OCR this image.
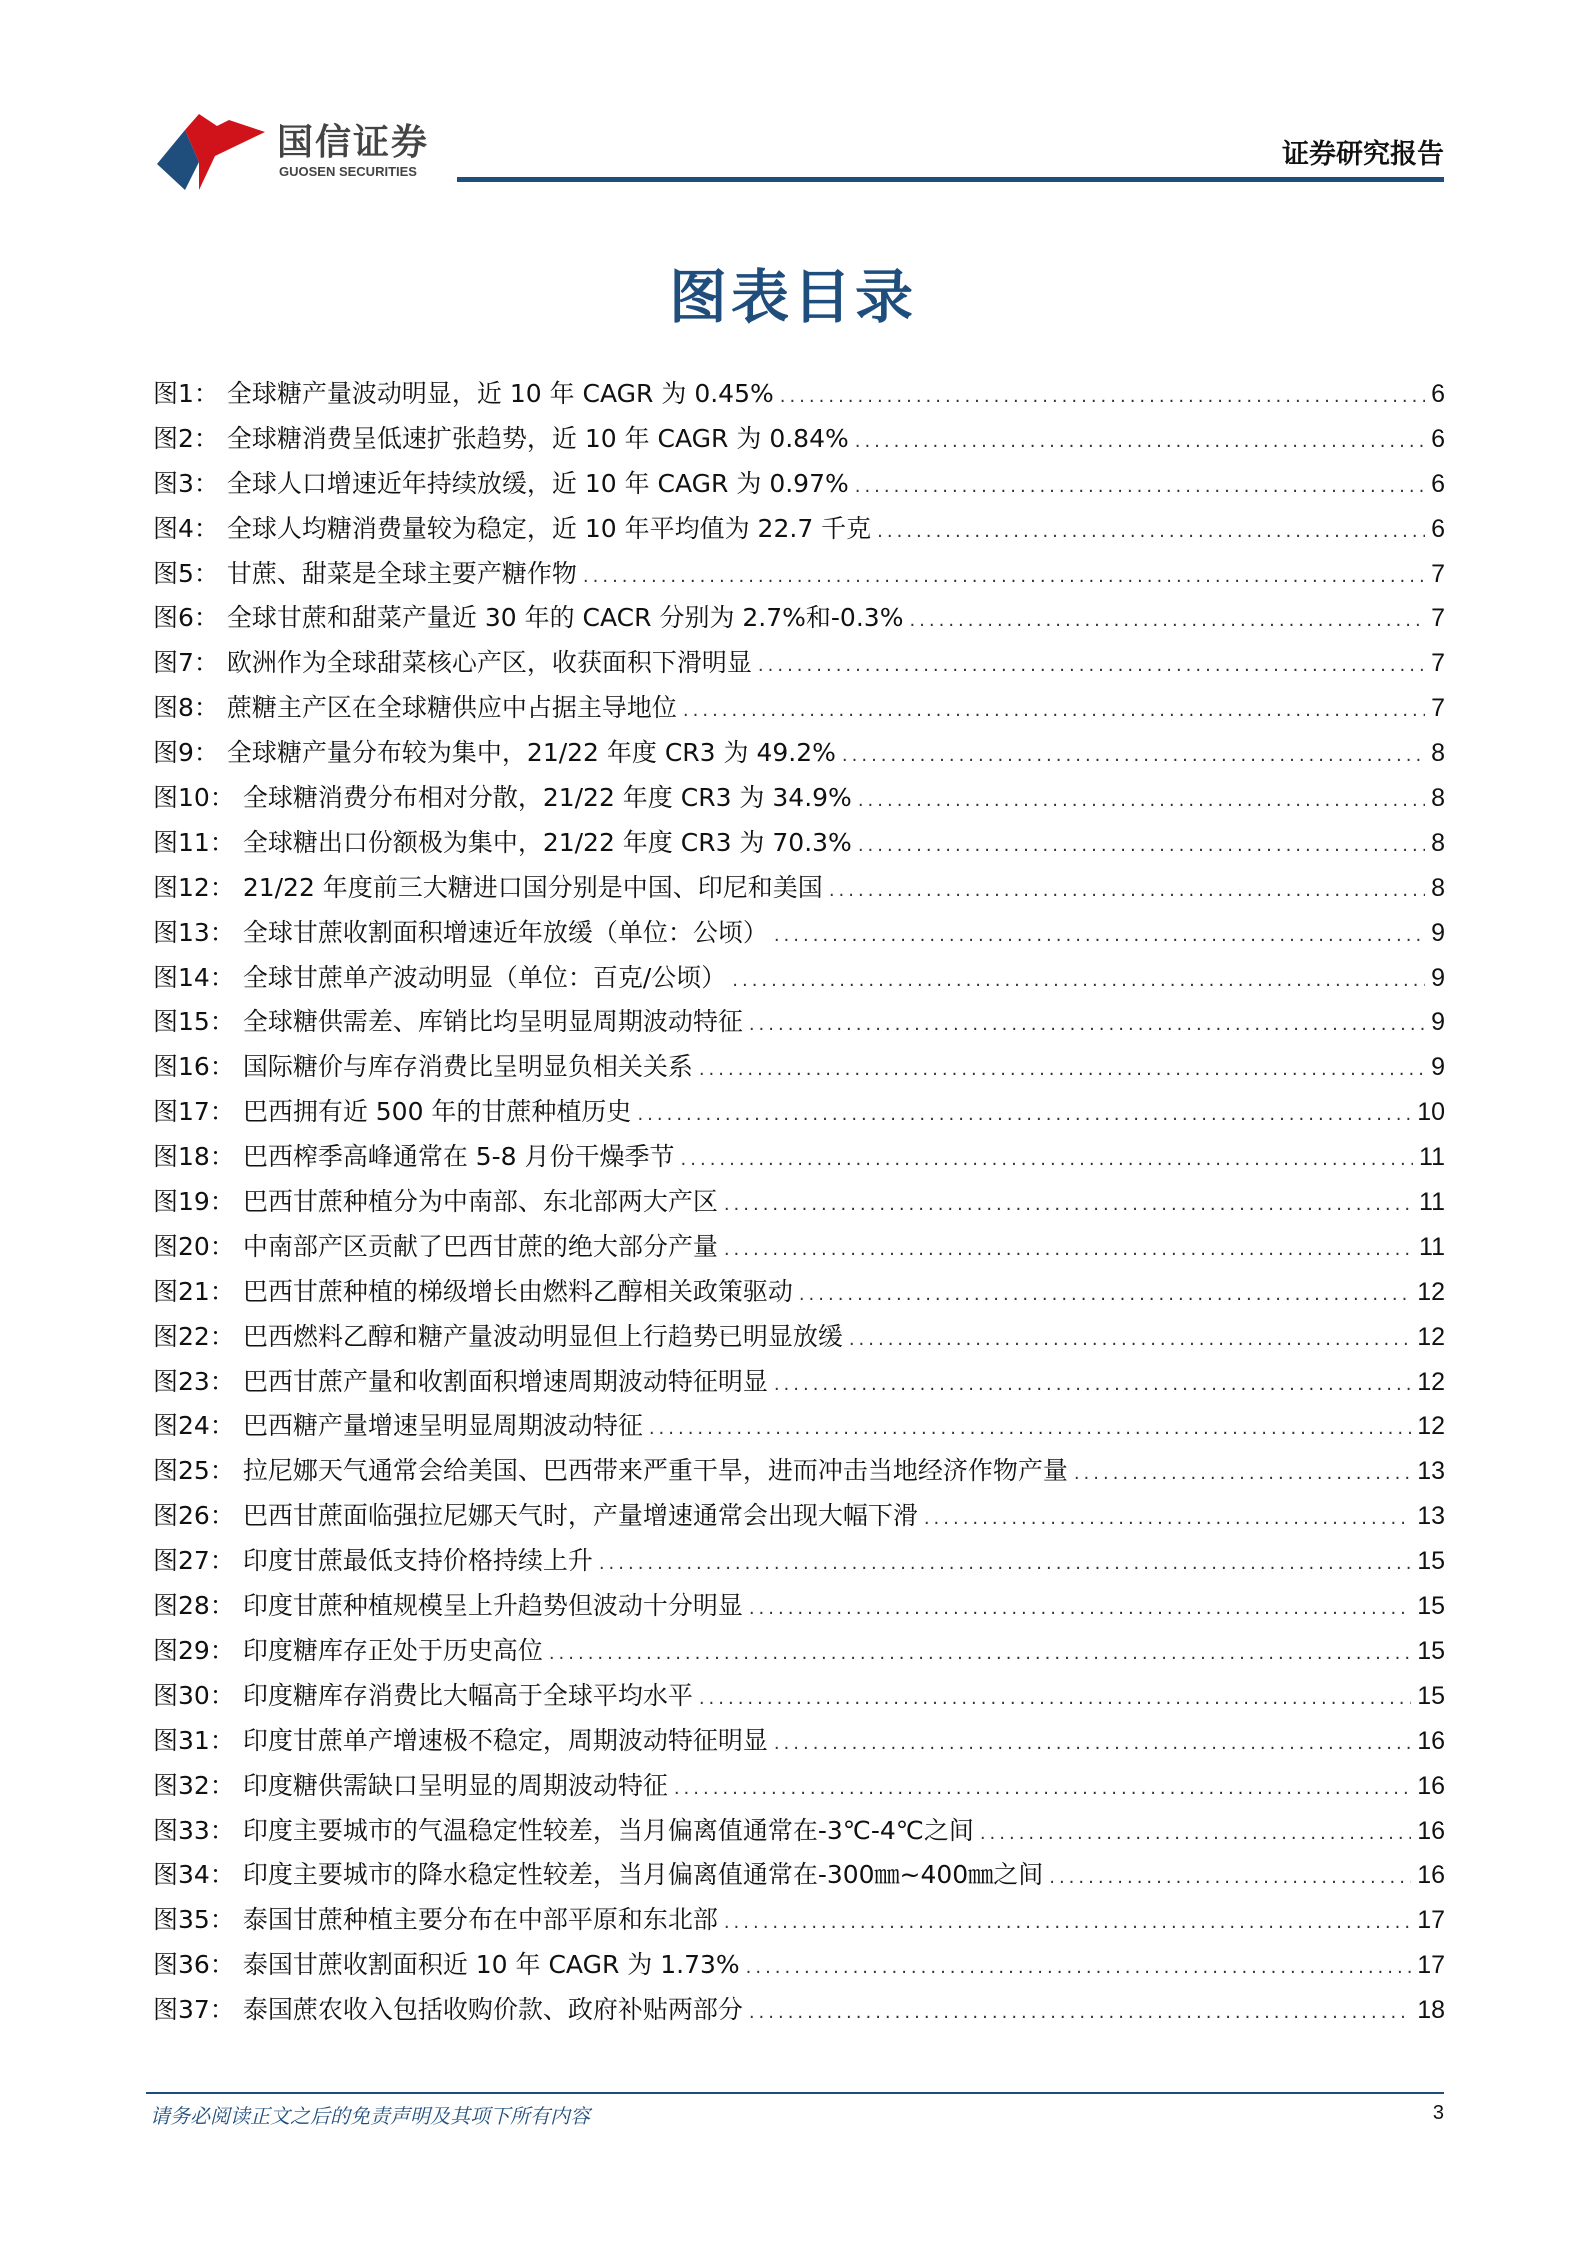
国信证券
GUOSEN SECURITIES
证券研究报告
图表目录
图1： 全球糖产量波动明显，近 10 年 CAGR 为 0.45% .....	6
图2： 全球糖消费呈低速扩张趋势，近 10 年 CAGR 为 0.84% .....	6
图3： 全球人口增速近年持续放缓，近 10 年 CAGR 为 0.97% .....	6
图4： 全球人均糖消费量较为稳定，近 10 年平均值为 22.7 千克 .....	6
图5： 甘蔗、甜菜是全球主要产糖作物 .....	7
图6： 全球甘蔗和甜菜产量近 30 年的 CACR 分别为 2.7%和-0.3% .....	7
图7： 欧洲作为全球甜菜核心产区，收获面积下滑明显 .....	7
图8： 蔗糖主产区在全球糖供应中占据主导地位 .....	7
图9： 全球糖产量分布较为集中，21/22 年度 CR3 为 49.2% .....	8
图10： 全球糖消费分布相对分散，21/22 年度 CR3 为 34.9% .....	8
图11： 全球糖出口份额极为集中，21/22 年度 CR3 为 70.3% .....	8
图12： 21/22 年度前三大糖进口国分别是中国、印尼和美国 .....	8
图13： 全球甘蔗收割面积增速近年放缓（单位：公顷） .....	9
图14： 全球甘蔗单产波动明显（单位：百克/公顷） .....	9
图15： 全球糖供需差、库销比均呈明显周期波动特征 .....	9
图16： 国际糖价与库存消费比呈明显负相关关系 .....	9
图17： 巴西拥有近 500 年的甘蔗种植历史 .....	10
图18： 巴西榨季高峰通常在 5-8 月份干燥季节 .....	11
图19： 巴西甘蔗种植分为中南部、东北部两大产区 .....	11
图20： 中南部产区贡献了巴西甘蔗的绝大部分产量 .....	11
图21： 巴西甘蔗种植的梯级增长由燃料乙醇相关政策驱动 .....	12
图22： 巴西燃料乙醇和糖产量波动明显但上行趋势已明显放缓 .....	12
图23： 巴西甘蔗产量和收割面积增速周期波动特征明显 .....	12
图24： 巴西糖产量增速呈明显周期波动特征 .....	12
图25： 拉尼娜天气通常会给美国、巴西带来严重干旱，进而冲击当地经济作物产量 .....	13
图26： 巴西甘蔗面临强拉尼娜天气时，产量增速通常会出现大幅下滑 .....	13
图27： 印度甘蔗最低支持价格持续上升 .....	15
图28： 印度甘蔗种植规模呈上升趋势但波动十分明显 .....	15
图29： 印度糖库存正处于历史高位 .....	15
图30： 印度糖库存消费比大幅高于全球平均水平 .....	15
图31： 印度甘蔗单产增速极不稳定，周期波动特征明显 .....	16
图32： 印度糖供需缺口呈明显的周期波动特征 .....	16
图33： 印度主要城市的气温稳定性较差，当月偏离值通常在-3℃-4℃之间 .....	16
图34： 印度主要城市的降水稳定性较差，当月偏离值通常在-300㎜~400㎜之间 .....	16
图35： 泰国甘蔗种植主要分布在中部平原和东北部 .....	17
图36： 泰国甘蔗收割面积近 10 年 CAGR 为 1.73% .....	17
图37： 泰国蔗农收入包括收购价款、政府补贴两部分 .....	18
请务必阅读正文之后的免责声明及其项下所有内容	3
